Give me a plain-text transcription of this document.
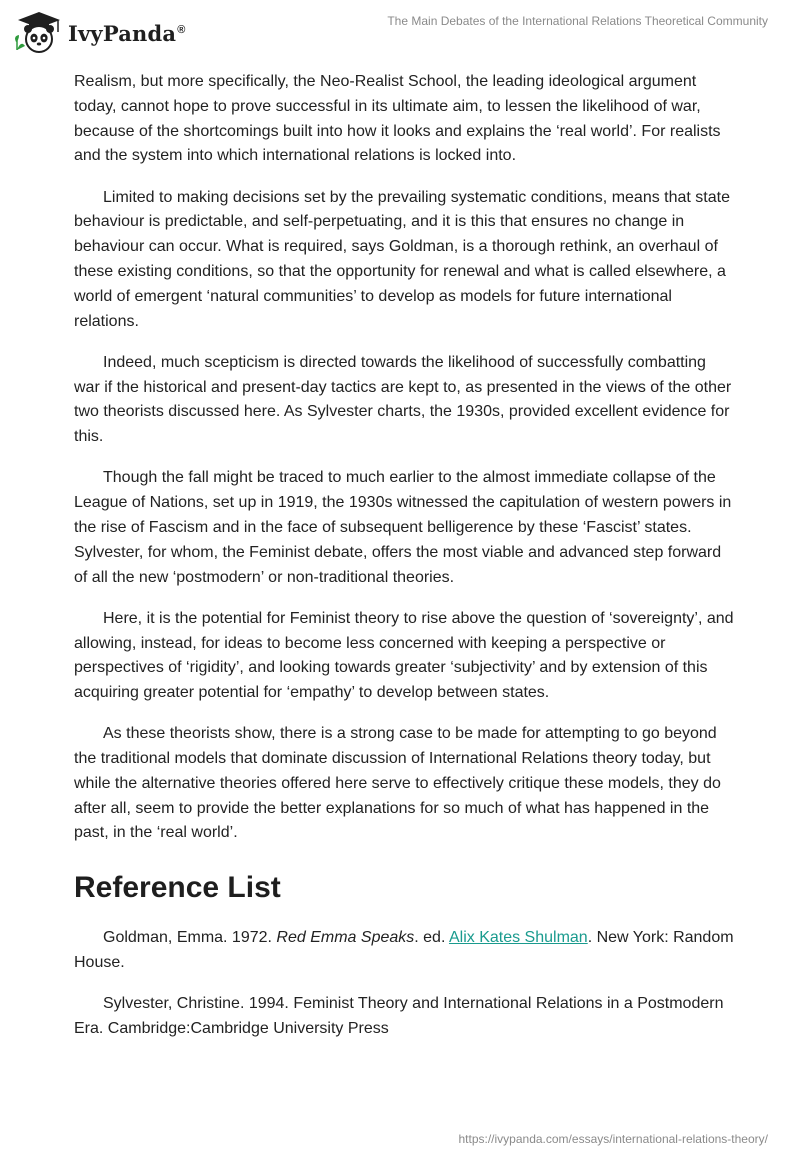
IvyPanda®
The Main Debates of the International Relations Theoretical Community

Realism, but more specifically, the Neo-Realist School, the leading ideological argument today, cannot hope to prove successful in its ultimate aim, to lessen the likelihood of war, because of the shortcomings built into how it looks and explains the ‘real world’. For realists and the system into which international relations is locked into.

Limited to making decisions set by the prevailing systematic conditions, means that state behaviour is predictable, and self-perpetuating, and it is this that ensures no change in behaviour can occur. What is required, says Goldman, is a thorough rethink, an overhaul of these existing conditions, so that the opportunity for renewal and what is called elsewhere, a world of emergent ‘natural communities’ to develop as models for future international relations.

Indeed, much scepticism is directed towards the likelihood of successfully combatting war if the historical and present-day tactics are kept to, as presented in the views of the other two theorists discussed here. As Sylvester charts, the 1930s, provided excellent evidence for this.

Though the fall might be traced to much earlier to the almost immediate collapse of the League of Nations, set up in 1919, the 1930s witnessed the capitulation of western powers in the rise of Fascism and in the face of subsequent belligerence by these ‘Fascist’ states. Sylvester, for whom, the Feminist debate, offers the most viable and advanced step forward of all the new ‘postmodern’ or non-traditional theories.

Here, it is the potential for Feminist theory to rise above the question of ‘sovereignty’, and allowing, instead, for ideas to become less concerned with keeping a perspective or perspectives of ‘rigidity’, and looking towards greater ‘subjectivity’ and by extension of this acquiring greater potential for ‘empathy’ to develop between states.

As these theorists show, there is a strong case to be made for attempting to go beyond the traditional models that dominate discussion of International Relations theory today, but while the alternative theories offered here serve to effectively critique these models, they do after all, seem to provide the better explanations for so much of what has happened in the past, in the ‘real world’.

Reference List

Goldman, Emma. 1972. Red Emma Speaks. ed. Alix Kates Shulman. New York: Random House.

Sylvester, Christine. 1994. Feminist Theory and International Relations in a Postmodern Era. Cambridge:Cambridge University Press

https://ivypanda.com/essays/international-relations-theory/
